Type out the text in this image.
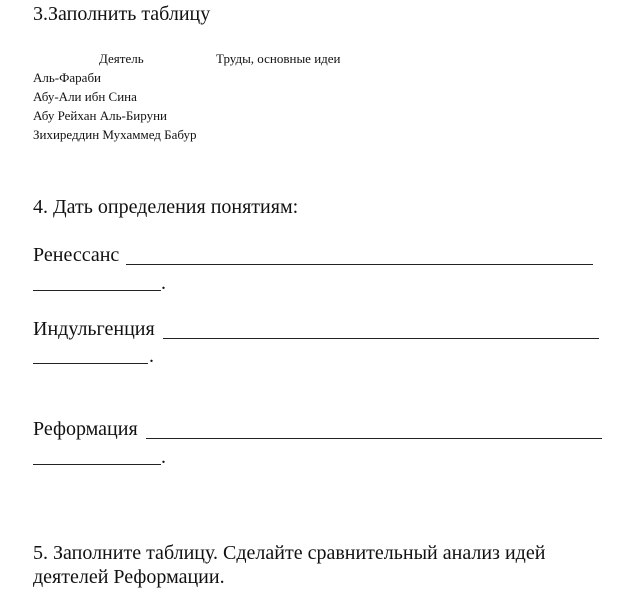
3.Заполнить таблицу
Деятель	Труды, основные идеи
Аль-Фараби
Абу-Али ибн Сина
Абу Рейхан Аль-Бируни
Зихиреддин Мухаммед Бабур
4. Дать определения понятиям:
Ренессанс
.
Индульгенция
.
Реформация
.
5. Заполните таблицу. Сделайте сравнительный анализ идей деятелей Реформации.
